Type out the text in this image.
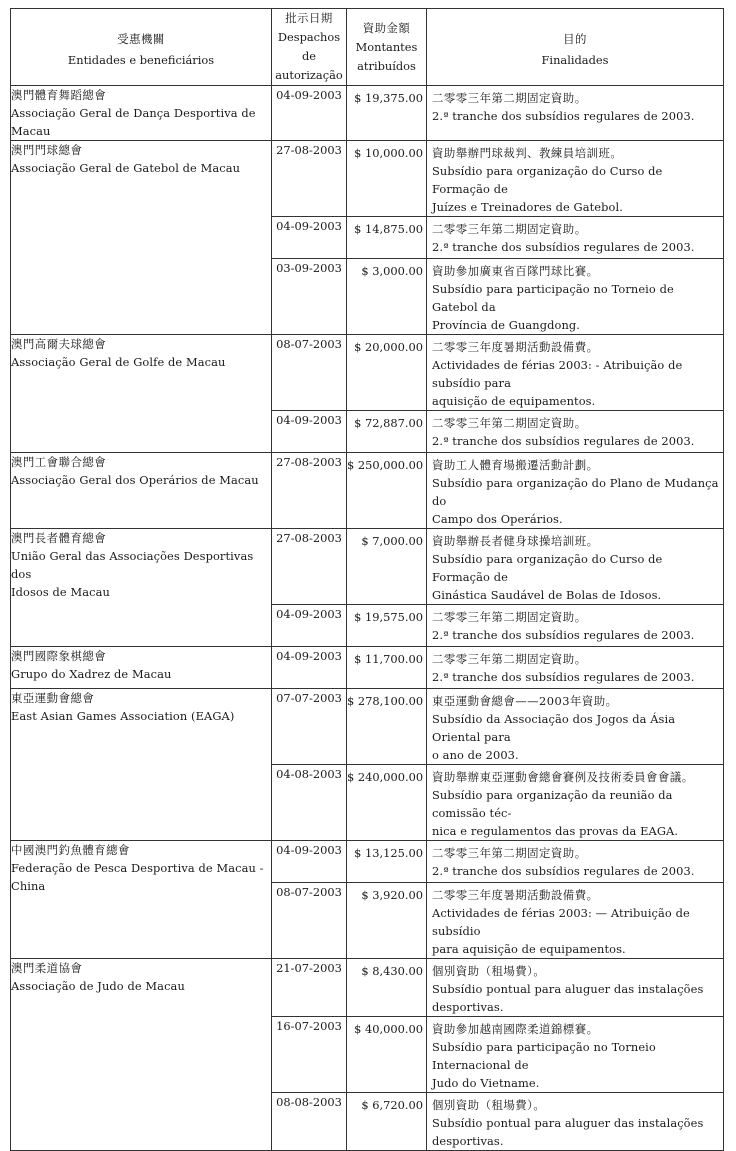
受惠機關
Entidades e beneficiários	批示日期
Despachos de
autorização	資助金額
Montantes
atribuídos	目的
Finalidades

澳門體育舞蹈總會
Associação Geral de Dança Desportiva de Macau	04-09-2003	$ 19,375.00	二零零三年第二期固定資助。
2.ª tranche dos subsídios regulares de 2003.

澳門門球總會
Associação Geral de Gatebol de Macau	27-08-2003	$ 10,000.00	資助舉辦門球裁判、教練員培訓班。
Subsídio para organização do Curso de Formação de
Juízes e Treinadores de Gatebol.

	04-09-2003	$ 14,875.00	二零零三年第二期固定資助。
2.ª tranche dos subsídios regulares de 2003.

	03-09-2003	$ 3,000.00	資助參加廣東省百隊門球比賽。
Subsídio para participação no Torneio de Gatebol da
Província de Guangdong.

澳門高爾夫球總會
Associação Geral de Golfe de Macau	08-07-2003	$ 20,000.00	二零零三年度暑期活動設備費。
Actividades de férias 2003: - Atribuição de subsídio para
aquisição de equipamentos.

	04-09-2003	$ 72,887.00	二零零三年第二期固定資助。
2.ª tranche dos subsídios regulares de 2003.

澳門工會聯合總會
Associação Geral dos Operários de Macau	27-08-2003	$ 250,000.00	資助工人體育場搬遷活動計劃。
Subsídio para organização do Plano de Mudança do
Campo dos Operários.

澳門長者體育總會
União Geral das Associações Desportivas dos
Idosos de Macau	27-08-2003	$ 7,000.00	資助舉辦長者健身球操培訓班。
Subsídio para organização do Curso de Formação de
Ginástica Saudável de Bolas de Idosos.

	04-09-2003	$ 19,575.00	二零零三年第二期固定資助。
2.ª tranche dos subsídios regulares de 2003.

澳門國際象棋總會
Grupo do Xadrez de Macau	04-09-2003	$ 11,700.00	二零零三年第二期固定資助。
2.ª tranche dos subsídios regulares de 2003.

東亞運動會總會
East Asian Games Association (EAGA)	07-07-2003	$ 278,100.00	東亞運動會總會——2003年資助。
Subsídio da Associação dos Jogos da Ásia Oriental para
o ano de 2003.

	04-08-2003	$ 240,000.00	資助舉辦東亞運動會總會賽例及技術委員會會議。
Subsídio para organização da reunião da comissão téc-
nica e regulamentos das provas da EAGA.

中國澳門釣魚體育總會
Federação de Pesca Desportiva de Macau - China	04-09-2003	$ 13,125.00	二零零三年第二期固定資助。
2.ª tranche dos subsídios regulares de 2003.

	08-07-2003	$ 3,920.00	二零零三年度暑期活動設備費。
Actividades de férias 2003: — Atribuição de subsídio
para aquisição de equipamentos.

澳門柔道協會
Associação de Judo de Macau	21-07-2003	$ 8,430.00	個別資助（租場費）。
Subsídio pontual para aluguer das instalações desportivas.

	16-07-2003	$ 40,000.00	資助參加越南國際柔道錦標賽。
Subsídio para participação no Torneio Internacional de
Judo do Vietname.

	08-08-2003	$ 6,720.00	個別資助（租場費）。
Subsídio pontual para aluguer das instalações desportivas.
